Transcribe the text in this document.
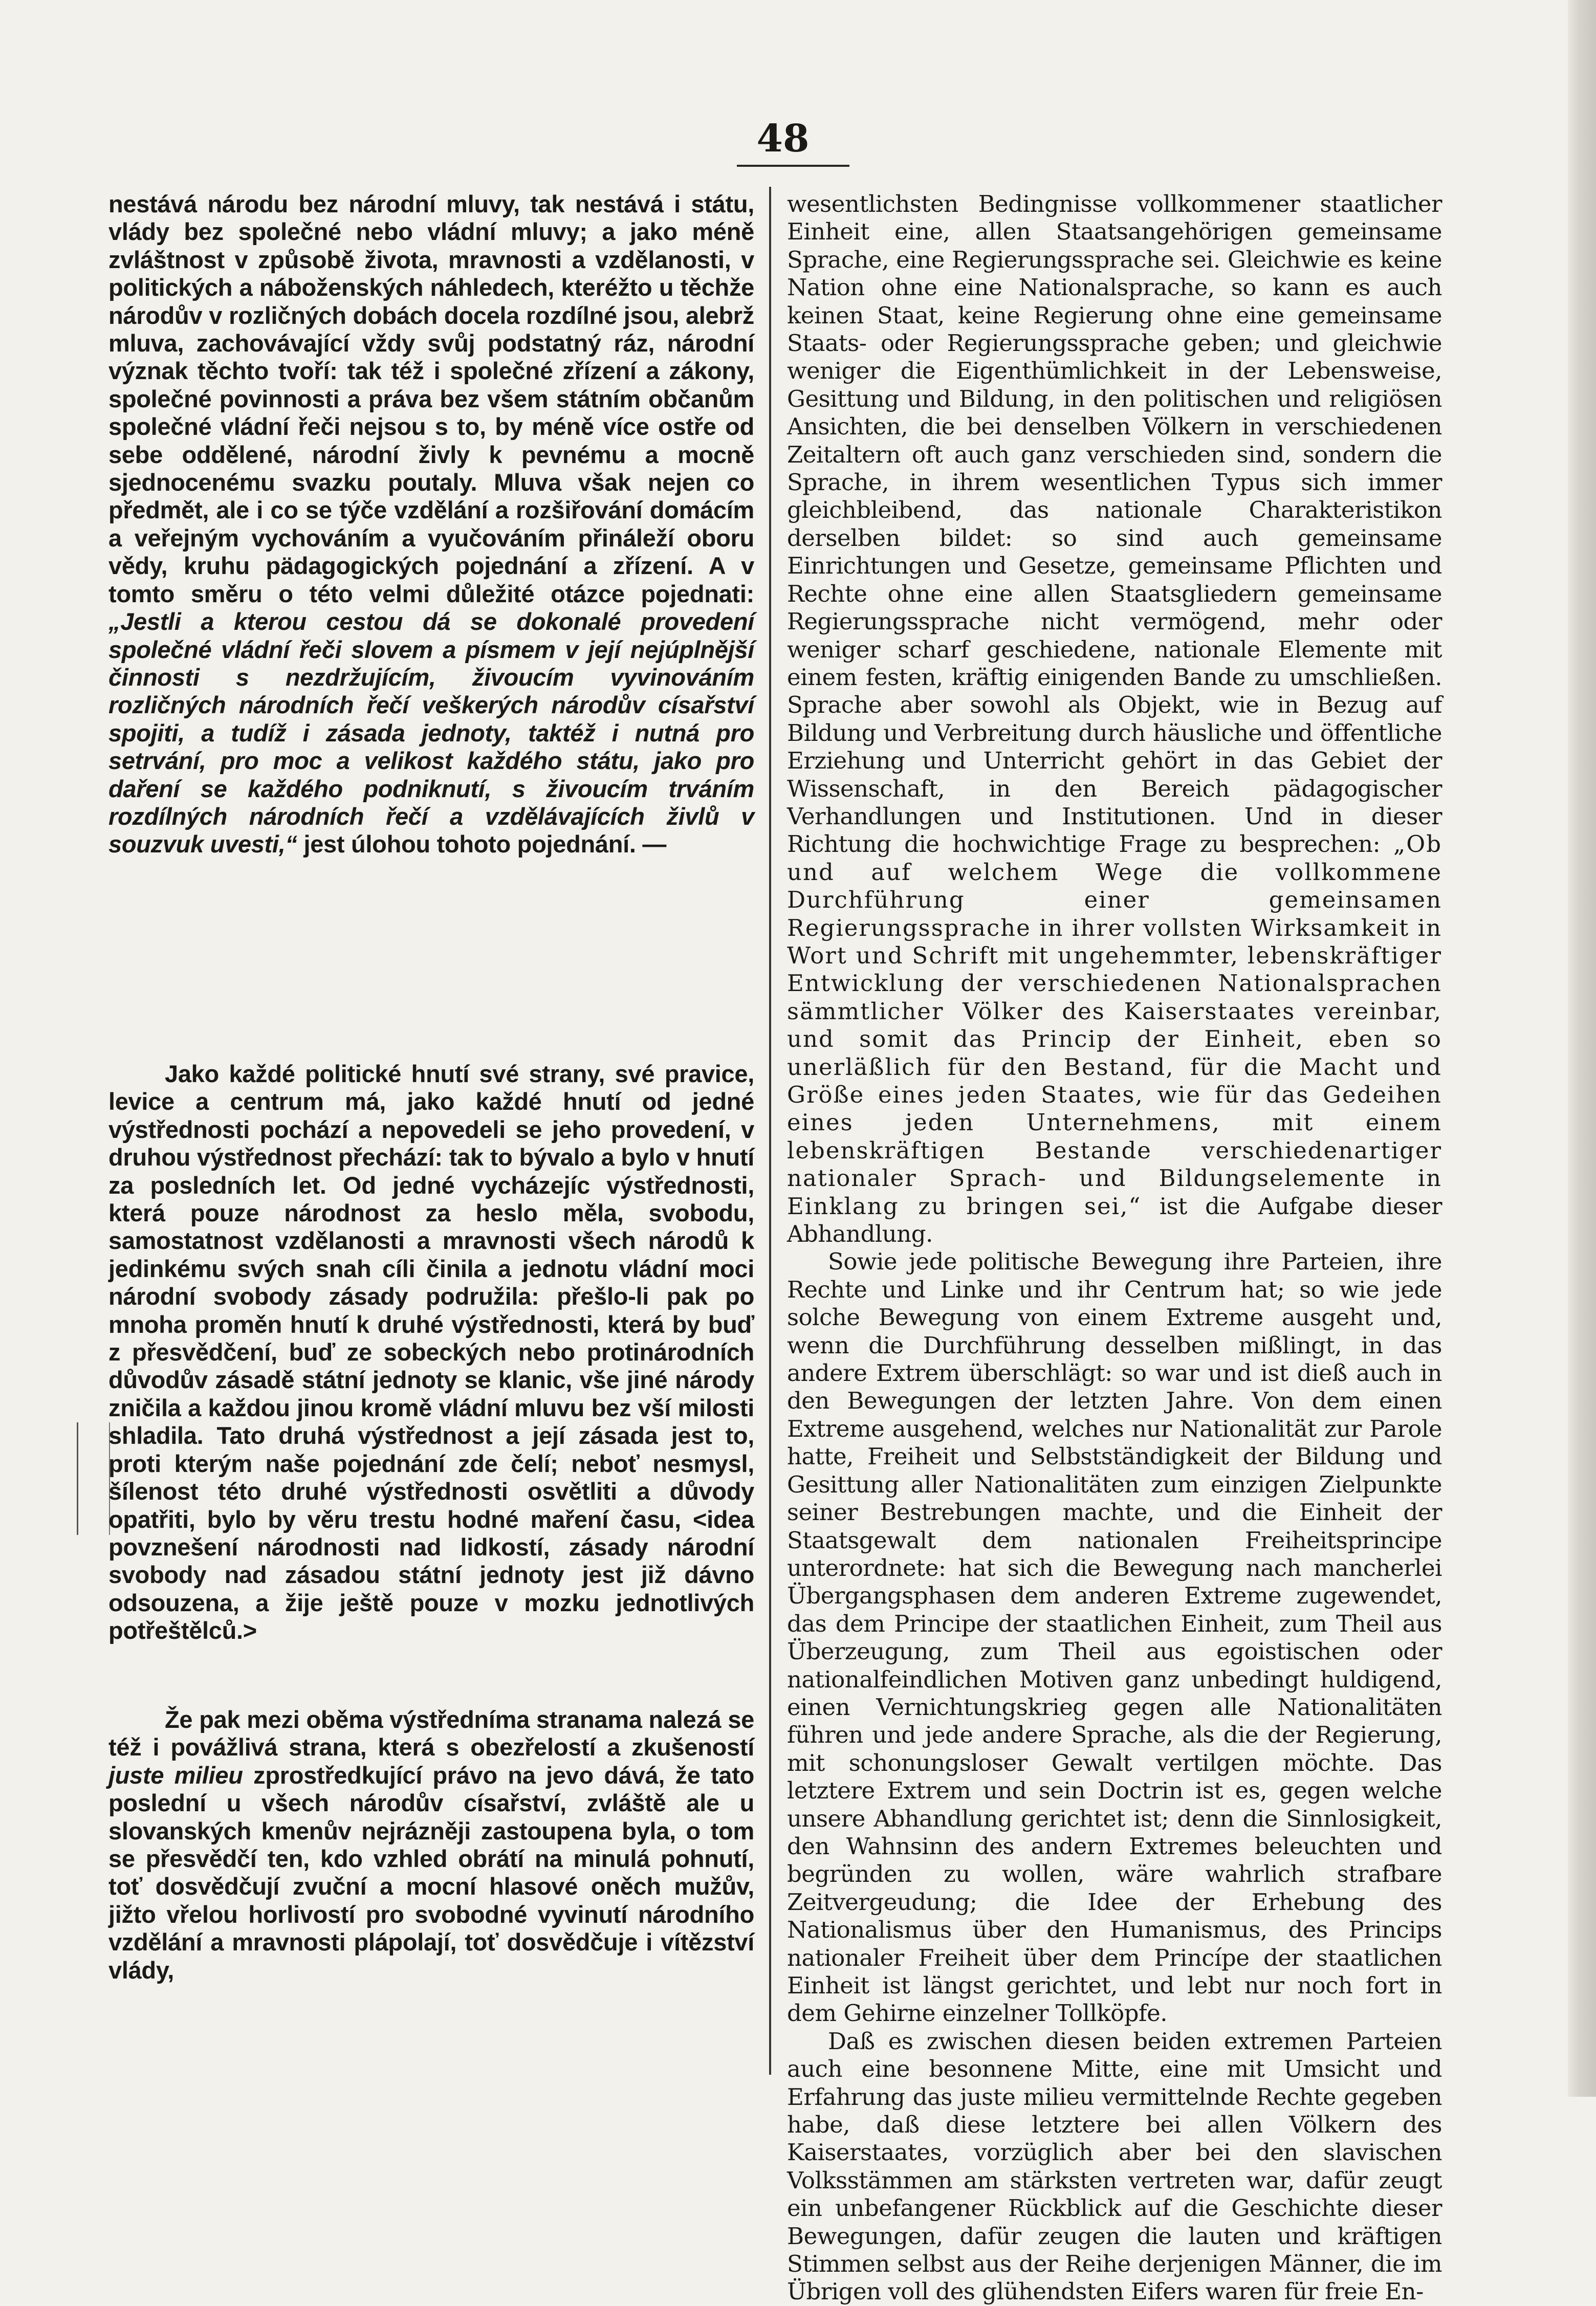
48

nestává národu bez národní mluvy, tak nestává i státu, vlády bez společné nebo vládní mluvy; a jako méně zvláštnost v způsobě života, mravnosti a vzdělanosti, v politických a náboženských náhledech, kteréžto u těchže národův v rozličných dobách docela rozdílné jsou, alebrž mluva, zachovávající vždy svůj podstatný ráz, národní význak těchto tvoří: tak též i společné zřízení a zákony, společné povinnosti a práva bez všem státním občanům společné vládní řeči nejsou s to, by méně více ostře od sebe oddělené, národní živly k pevnému a mocně sjednocenému svazku poutaly. Mluva však nejen co předmět, ale i co se týče vzdělání a rozšiřování domácím a veřejným vychováním a vyučováním přináleží oboru vědy, kruhu pädagogických pojednání a zřízení. A v tomto směru o této velmi důležité otázce pojednati: „Jestli a kterou cestou dá se dokonalé provedení společné vládní řeči slovem a písmem v její nejúplnější činnosti s nezdržujícím, živoucím vyvinováním rozličných národních řečí veškerých národův císařství spojiti, a tudíž i zásada jednoty, taktéž i nutná pro setrvání, pro moc a velikost každého státu, jako pro daření se každého podniknutí, s živoucím trváním rozdílných národních řečí a vzdělávajících živlů v souzvuk uvesti,“ jest úlohou tohoto pojednání. —

Jako každé politické hnutí své strany, své pravice, levice a centrum má, jako každé hnutí od jedné výstřednosti pochází a nepovedeli se jeho provedení, v druhou výstřednost přechází: tak to bývalo a bylo v hnutí za posledních let. Od jedné vycházejíc výstřednosti, která pouze národnost za heslo měla, svobodu, samostatnost vzdělanosti a mravnosti všech národů k jedinkému svých snah cíli činila a jednotu vládní moci národní svobody zásady podružila: přešlo-li pak po mnoha proměn hnutí k druhé výstřednosti, která by buď z přesvědčení, buď ze sobeckých nebo protinárodních důvodův zásadě státní jednoty se klanic, vše jiné národy zničila a každou jinou kromě vládní mluvu bez vší milosti shladila. Tato druhá výstřednost a její zásada jest to, proti kterým naše pojednání zde čelí; neboť nesmysl, šílenost této druhé výstřednosti osvětliti a důvody opatřiti, bylo by věru trestu hodné maření času, <idea povznešení národnosti nad lidkostí, zásady národní svobody nad zásadou státní jednoty jest již dávno odsouzena, a žije ještě pouze v mozku jednotlivých potřeštělců.>

Že pak mezi oběma výstředníma stranama nalezá se též i povážlivá strana, která s obezřelostí a zkušeností juste milieu zprostředkující právo na jevo dává, že tato poslední u všech národův císařství, zvláště ale u slovanských kmenův nejrázněji zastoupena byla, o tom se přesvědčí ten, kdo vzhled obrátí na minulá pohnutí, toť dosvědčují zvuční a mocní hlasové oněch mužův, jižto vřelou horlivostí pro svobodné vyvinutí národního vzdělání a mravnosti plápolají, toť dosvědčuje i vítězství vlády,

wesentlichsten Bedingnisse vollkommener staatlicher Einheit eine, allen Staatsangehörigen gemeinsame Sprache, eine Regierungssprache sei. Gleichwie es keine Nation ohne eine Nationalsprache, so kann es auch keinen Staat, keine Regierung ohne eine gemeinsame Staats- oder Regierungssprache geben; und gleichwie weniger die Eigenthümlichkeit in der Lebensweise, Gesittung und Bildung, in den politischen und religiösen Ansichten, die bei denselben Völkern in verschiedenen Zeitaltern oft auch ganz verschieden sind, sondern die Sprache, in ihrem wesentlichen Typus sich immer gleichbleibend, das nationale Charakteristikon derselben bildet: so sind auch gemeinsame Einrichtungen und Gesetze, gemeinsame Pflichten und Rechte ohne eine allen Staatsgliedern gemeinsame Regierungssprache nicht vermögend, mehr oder weniger scharf geschiedene, nationale Elemente mit einem festen, kräftig einigenden Bande zu umschließen. Sprache aber sowohl als Objekt, wie in Bezug auf Bildung und Verbreitung durch häusliche und öffentliche Erziehung und Unterricht gehört in das Gebiet der Wissenschaft, in den Bereich pädagogischer Verhandlungen und Institutionen. Und in dieser Richtung die hochwichtige Frage zu besprechen: „Ob und auf welchem Wege die vollkommene Durchführung einer gemeinsamen Regierungssprache in ihrer vollsten Wirksamkeit in Wort und Schrift mit ungehemmter, lebenskräftiger Entwicklung der verschiedenen Nationalsprachen sämmtlicher Völker des Kaiserstaates vereinbar, und somit das Princip der Einheit, eben so unerläßlich für den Bestand, für die Macht und Größe eines jeden Staates, wie für das Gedeihen eines jeden Unternehmens, mit einem lebenskräftigen Bestande verschiedenartiger nationaler Sprach- und Bildungselemente in Einklang zu bringen sei,“ ist die Aufgabe dieser Abhandlung.

Sowie jede politische Bewegung ihre Parteien, ihre Rechte und Linke und ihr Centrum hat; so wie jede solche Bewegung von einem Extreme ausgeht und, wenn die Durchführung desselben mißlingt, in das andere Extrem überschlägt: so war und ist dieß auch in den Bewegungen der letzten Jahre. Von dem einen Extreme ausgehend, welches nur Nationalität zur Parole hatte, Freiheit und Selbstständigkeit der Bildung und Gesittung aller Nationalitäten zum einzigen Zielpunkte seiner Bestrebungen machte, und die Einheit der Staatsgewalt dem nationalen Freiheitsprincipe unterordnete: hat sich die Bewegung nach mancherlei Übergangsphasen dem anderen Extreme zugewendet, das dem Principe der staatlichen Einheit, zum Theil aus Überzeugung, zum Theil aus egoistischen oder nationalfeindlichen Motiven ganz unbedingt huldigend, einen Vernichtungskrieg gegen alle Nationalitäten führen und jede andere Sprache, als die der Regierung, mit schonungsloser Gewalt vertilgen möchte. Das letztere Extrem und sein Doctrin ist es, gegen welche unsere Abhandlung gerichtet ist; denn die Sinnlosigkeit, den Wahnsinn des andern Extremes beleuchten und begründen zu wollen, wäre wahrlich strafbare Zeitvergeudung; die Idee der Erhebung des Nationalismus über den Humanismus, des Princips nationaler Freiheit über dem Princípe der staatlichen Einheit ist längst gerichtet, und lebt nur noch fort in dem Gehirne einzelner Tollköpfe.

Daß es zwischen diesen beiden extremen Parteien auch eine besonnene Mitte, eine mit Umsicht und Erfahrung das juste milieu vermittelnde Rechte gegeben habe, daß diese letztere bei allen Völkern des Kaiserstaates, vorzüglich aber bei den slavischen Volksstämmen am stärksten vertreten war, dafür zeugt ein unbefangener Rückblick auf die Geschichte dieser Bewegungen, dafür zeugen die lauten und kräftigen Stimmen selbst aus der Reihe derjenigen Männer, die im Übrigen voll des glühendsten Eifers waren für freie En-
